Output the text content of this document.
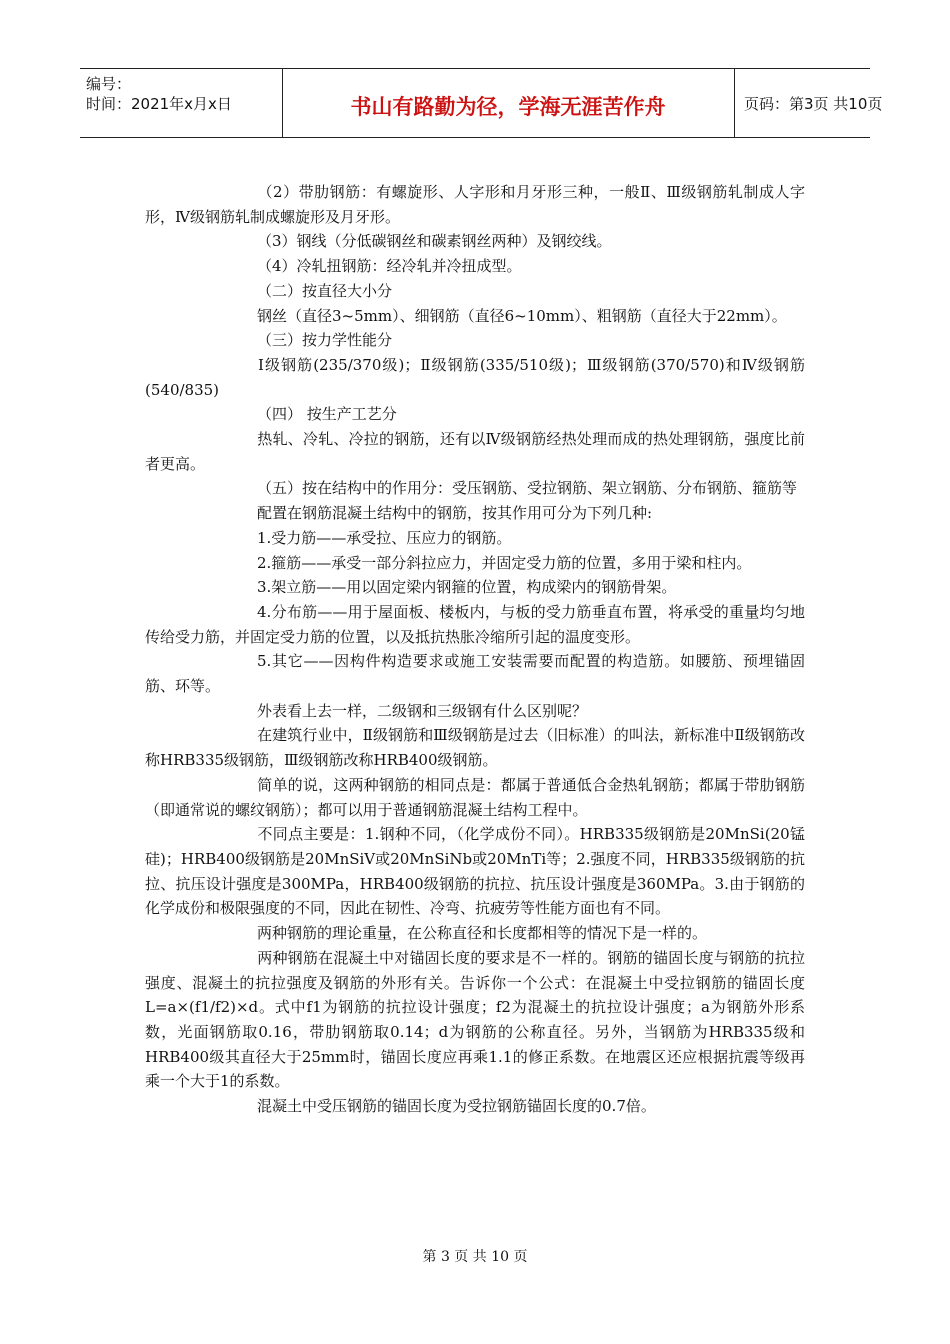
编号：
时间：2021年x月x日	书山有路勤为径，学海无涯苦作舟	页码：第3页 共10页

（2）带肋钢筋：有螺旋形、人字形和月牙形三种，一般Ⅱ、Ⅲ级钢筋轧制成人字形，Ⅳ级钢筋轧制成螺旋形及月牙形。

（3）钢线（分低碳钢丝和碳素钢丝两种）及钢绞线。

（4）冷轧扭钢筋：经冷轧并冷扭成型。

（二）按直径大小分

钢丝（直径3~5mm）、细钢筋（直径6~10mm）、粗钢筋（直径大于22mm）。

（三）按力学性能分

Ⅰ级钢筋(235/370级)；Ⅱ级钢筋(335/510级)；Ⅲ级钢筋(370/570)和Ⅳ级钢筋(540/835)

（四） 按生产工艺分

热轧、冷轧、冷拉的钢筋，还有以Ⅳ级钢筋经热处理而成的热处理钢筋，强度比前者更高。

（五）按在结构中的作用分：受压钢筋、受拉钢筋、架立钢筋、分布钢筋、箍筋等

配置在钢筋混凝土结构中的钢筋，按其作用可分为下列几种:

1.受力筋——承受拉、压应力的钢筋。

2.箍筋——承受一部分斜拉应力，并固定受力筋的位置，多用于梁和柱内。

3.架立筋——用以固定梁内钢箍的位置，构成梁内的钢筋骨架。

4.分布筋——用于屋面板、楼板内，与板的受力筋垂直布置，将承受的重量均匀地传给受力筋，并固定受力筋的位置，以及抵抗热胀冷缩所引起的温度变形。

5.其它——因构件构造要求或施工安装需要而配置的构造筋。如腰筋、预埋锚固筋、环等。

外表看上去一样，二级钢和三级钢有什么区别呢？

在建筑行业中，Ⅱ级钢筋和Ⅲ级钢筋是过去（旧标准）的叫法，新标准中Ⅱ级钢筋改称HRB335级钢筋，Ⅲ级钢筋改称HRB400级钢筋。

简单的说，这两种钢筋的相同点是：都属于普通低合金热轧钢筋；都属于带肋钢筋（即通常说的螺纹钢筋）；都可以用于普通钢筋混凝土结构工程中。

不同点主要是：1.钢种不同，（化学成份不同）。HRB335级钢筋是20MnSi(20锰硅)；HRB400级钢筋是20MnSiV或20MnSiNb或20MnTi等；2.强度不同，HRB335级钢筋的抗拉、抗压设计强度是300MPa，HRB400级钢筋的抗拉、抗压设计强度是360MPa。3.由于钢筋的化学成份和极限强度的不同，因此在韧性、冷弯、抗疲劳等性能方面也有不同。

两种钢筋的理论重量，在公称直径和长度都相等的情况下是一样的。

两种钢筋在混凝土中对锚固长度的要求是不一样的。钢筋的锚固长度与钢筋的抗拉强度、混凝土的抗拉强度及钢筋的外形有关。告诉你一个公式：在混凝土中受拉钢筋的锚固长度L=a×(f1/f2)×d。式中f1为钢筋的抗拉设计强度；f2为混凝土的抗拉设计强度；a为钢筋外形系数，光面钢筋取0.16，带肋钢筋取0.14；d为钢筋的公称直径。另外，当钢筋为HRB335级和HRB400级其直径大于25mm时，锚固长度应再乘1.1的修正系数。在地震区还应根据抗震等级再乘一个大于1的系数。

混凝土中受压钢筋的锚固长度为受拉钢筋锚固长度的0.7倍。

第 3 页 共 10 页
